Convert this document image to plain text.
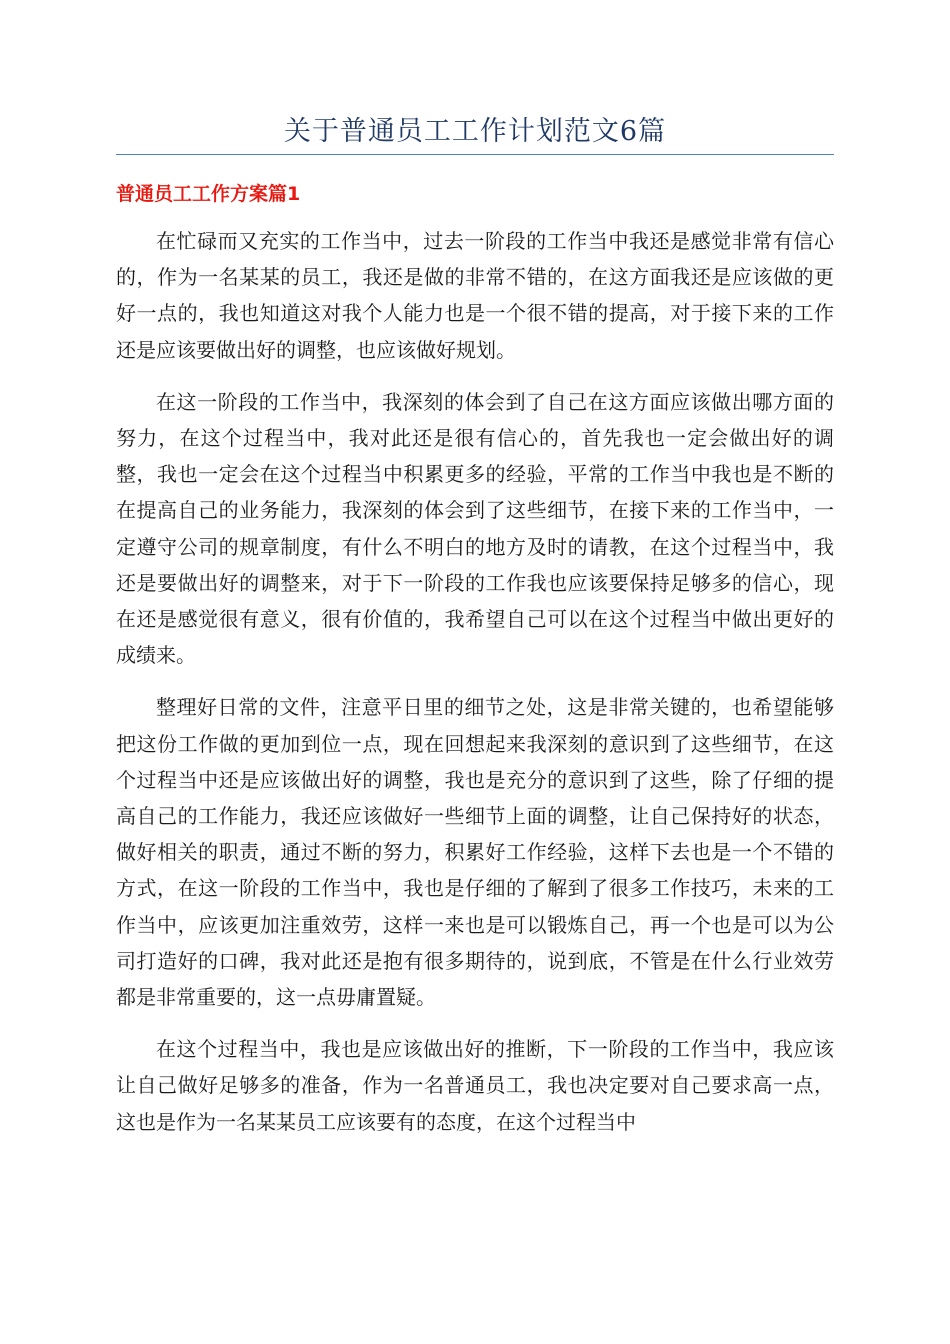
关于普通员工工作计划范文6篇
普通员工工作方案篇1

在忙碌而又充实的工作当中，过去一阶段的工作当中我还是感觉非常有信心的，作为一名某某的员工，我还是做的非常不错的，在这方面我还是应该做的更好一点的，我也知道这对我个人能力也是一个很不错的提高，对于接下来的工作还是应该要做出好的调整，也应该做好规划。

在这一阶段的工作当中，我深刻的体会到了自己在这方面应该做出哪方面的努力，在这个过程当中，我对此还是很有信心的，首先我也一定会做出好的调整，我也一定会在这个过程当中积累更多的经验，平常的工作当中我也是不断的在提高自己的业务能力，我深刻的体会到了这些细节，在接下来的工作当中，一定遵守公司的规章制度，有什么不明白的地方及时的请教，在这个过程当中，我还是要做出好的调整来，对于下一阶段的工作我也应该要保持足够多的信心，现在还是感觉很有意义，很有价值的，我希望自己可以在这个过程当中做出更好的成绩来。

整理好日常的文件，注意平日里的细节之处，这是非常关键的，也希望能够把这份工作做的更加到位一点，现在回想起来我深刻的意识到了这些细节，在这个过程当中还是应该做出好的调整，我也是充分的意识到了这些，除了仔细的提高自己的工作能力，我还应该做好一些细节上面的调整，让自己保持好的状态，做好相关的职责，通过不断的努力，积累好工作经验，这样下去也是一个不错的方式，在这一阶段的工作当中，我也是仔细的了解到了很多工作技巧，未来的工作当中，应该更加注重效劳，这样一来也是可以锻炼自己，再一个也是可以为公司打造好的口碑，我对此还是抱有很多期待的，说到底，不管是在什么行业效劳都是非常重要的，这一点毋庸置疑。

在这个过程当中，我也是应该做出好的推断，下一阶段的工作当中，我应该让自己做好足够多的准备，作为一名普通员工，我也决定要对自己要求高一点，这也是作为一名某某员工应该要有的态度，在这个过程当中
